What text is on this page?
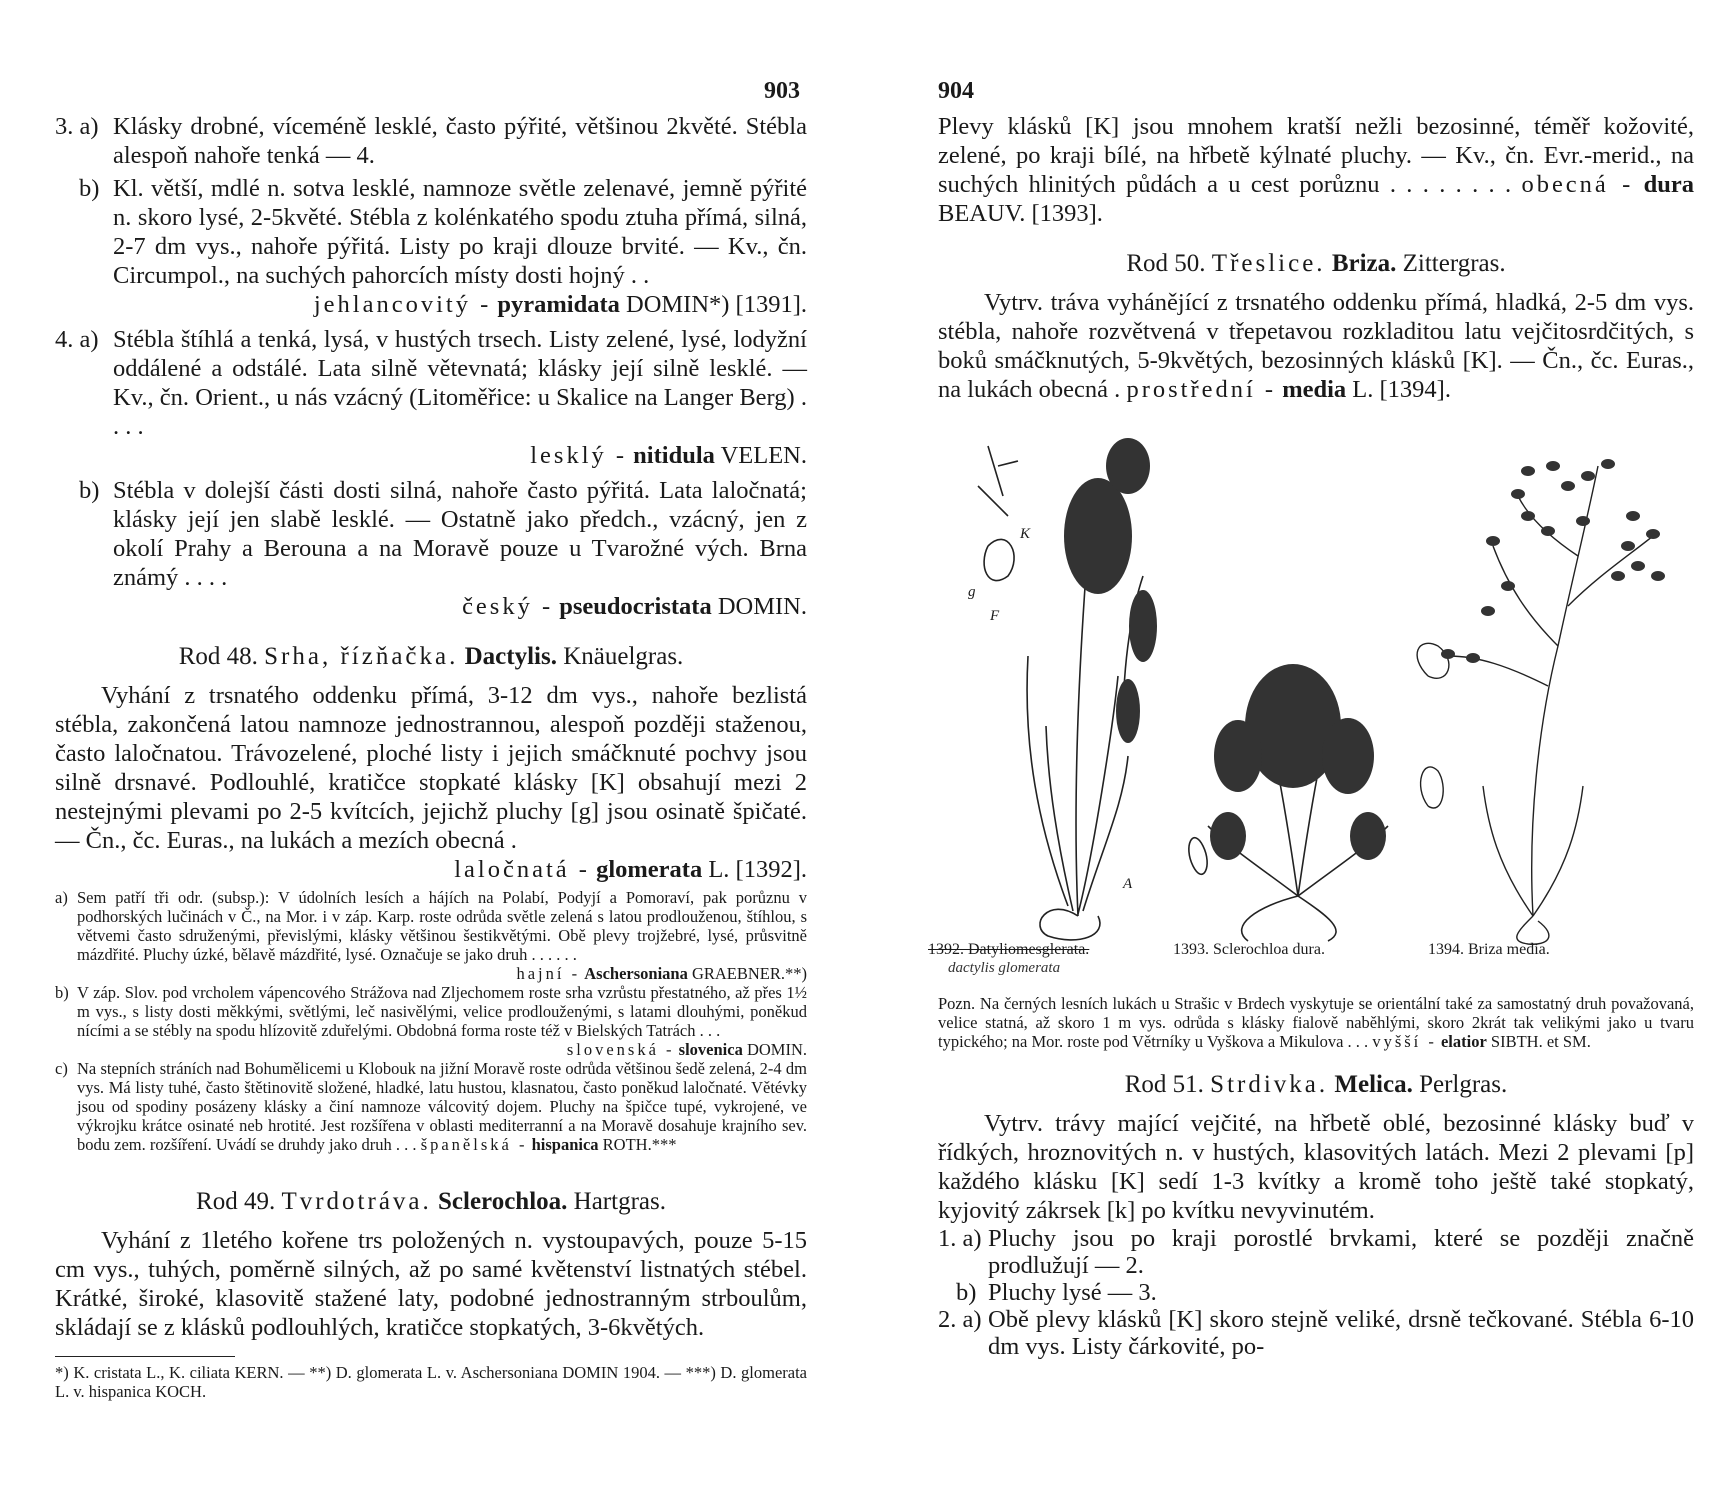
903
3. a) Klásky drobné, víceméně lesklé, často pýřité, většinou 2květé. Stébla alespoň nahoře tenká — 4.
b) Kl. větší, mdlé n. sotva lesklé, namnoze světle zelenavé, jemně pýřité n. skoro lysé, 2-5květé. Stébla z kolénkatého spodu ztuha přímá, silná, 2-7 dm vys., nahoře pýřitá. Listy po kraji dlouze brvité. — Kv., čn. Circumpol., na suchých pahorcích místy dosti hojný . .
jehlancovitý - pyramidata DOMIN*) [1391].
4. a) Stébla štíhlá a tenká, lysá, v hustých trsech. Listy zelené, lysé, lodyžní oddálené a odstálé. Lata silně větevnatá; klásky její silně lesklé. — Kv., čn. Orient., u nás vzácný (Litoměřice: u Skalice na Langer Berg) . . . .
lesklý - nitidula VELEN.
b) Stébla v dolejší části dosti silná, nahoře často pýřitá. Lata laločnatá; klásky její jen slabě lesklé. — Ostatně jako předch., vzácný, jen z okolí Prahy a Berouna a na Moravě pouze u Tvarožné vých. Brna známý . . . .
český - pseudocristata DOMIN.
Rod 48. Srha, řízňačka. Dactylis. Knäuelgras.

Vyhání z trsnatého oddenku přímá, 3-12 dm vys., nahoře bezlistá stébla, zakončená latou namnoze jednostrannou, alespoň později staženou, často laločnatou. Trávozelené, ploché listy i jejich smáčknuté pochvy jsou silně drsnavé. Podlouhlé, kratičce stopkaté klásky [K] obsahují mezi 2 nestejnými plevami po 2-5 kvítcích, jejichž pluchy [g] jsou osinatě špičaté. — Čn., čc. Euras., na lukách a mezích obecná .

laločnatá - glomerata L. [1392].

a) Sem patří tři odr. (subsp.): V údolních lesích a hájích na Polabí, Podyjí a Pomoraví, pak porůznu v podhorských lučinách v Č., na Mor. i v záp. Karp. roste odrůda světle zelená s latou prodlouženou, štíhlou, s větvemi často sdruženými, převislými, klásky většinou šestikvětými. Obě plevy trojžebré, lysé, průsvitně mázdřité. Pluchy úzké, bělavě mázdřité, lysé. Označuje se jako druh . . . . . .
hajní - Aschersoniana GRAEBNER.**)
b) V záp. Slov. pod vrcholem vápencového Strážova nad Zljechomem roste srha vzrůstu přestatného, až přes 1½ m vys., s listy dosti měkkými, světlými, leč nasivělými, velice prodlouženými, s latami dlouhými, poněkud nícími a se stébly na spodu hlízovitě zduřelými. Obdobná forma roste též v Bielských Tatrách . . .
slovenská - slovenica DOMIN.
c) Na stepních stráních nad Bohumělicemi u Klobouk na jižní Moravě roste odrůda většinou šedě zelená, 2-4 dm vys. Má listy tuhé, často štětinovitě složené, hladké, latu hustou, klasnatou, často poněkud laločnaté. Větévky jsou od spodiny posázeny klásky a činí namnoze válcovitý dojem. Pluchy na špičce tupé, vykrojené, ve výkrojku krátce osinaté neb hrotité. Jest rozšířena v oblasti mediterranní a na Moravě dosahuje krajního sev. bodu zem. rozšíření. Uvádí se druhdy jako druh . . . španělská - hispanica ROTH.***
Rod 49. Tvrdotráva. Sclerochloa. Hartgras.

Vyhání z 1letého kořene trs položených n. vystoupavých, pouze 5-15 cm vys., tuhých, poměrně silných, až po samé květenství listnatých stébel. Krátké, široké, klasovitě stažené laty, podobné jednostranným strboulům, skládají se z klásků podlouhlých, kratičce stopkatých, 3-6květých.

*) K. cristata L., K. ciliata KERN. — **) D. glomerata L. v. Aschersoniana DOMIN 1904. — ***) D. glomerata L. v. hispanica KOCH.

904

Plevy klásků [K] jsou mnohem kratší nežli bezosinné, téměř kožovité, zelené, po kraji bílé, na hřbetě kýlnaté pluchy. — Kv., čn. Evr.-merid., na suchých hlinitých půdách a u cest porůznu . . . . . . . . obecná - dura BEAUV. [1393].

Rod 50. Třeslice. Briza. Zittergras.

Vytrv. tráva vyhánějící z trsnatého oddenku přímá, hladká, 2-5 dm vys. stébla, nahoře rozvětvená v třepetavou rozkladitou latu vejčitosrdčitých, s boků smáčknutých, 5-9květých, bezosinných klásků [K]. — Čn., čc. Euras., na lukách obecná . prostřední - media L. [1394].

K
g
F
A
1392. Datyliomesglerata.	1393. Sclerochloa dura.	1394. Briza media.
dactylis glomerata

Pozn. Na černých lesních lukách u Strašic v Brdech vyskytuje se orientální také za samostatný druh považovaná, velice statná, až skoro 1 m vys. odrůda s klásky fialově naběhlými, skoro 2krát tak velikými jako u tvaru typického; na Mor. roste pod Větrníky u Vyškova a Mikulova . . . vyšší - elatior SIBTH. et SM.

Rod 51. Strdivka. Melica. Perlgras.

Vytrv. trávy mající vejčité, na hřbetě oblé, bezosinné klásky buď v řídkých, hroznovitých n. v hustých, klasovitých latách. Mezi 2 plevami [p] každého klásku [K] sedí 1-3 kvítky a kromě toho ještě také stopkatý, kyjovitý zákrsek [k] po kvítku nevyvinutém.

1. a) Pluchy jsou po kraji porostlé brvkami, které se později značně prodlužují — 2.
b) Pluchy lysé — 3.
2. a) Obě plevy klásků [K] skoro stejně veliké, drsně tečkované. Stébla 6-10 dm vys. Listy čárkovité, po-
